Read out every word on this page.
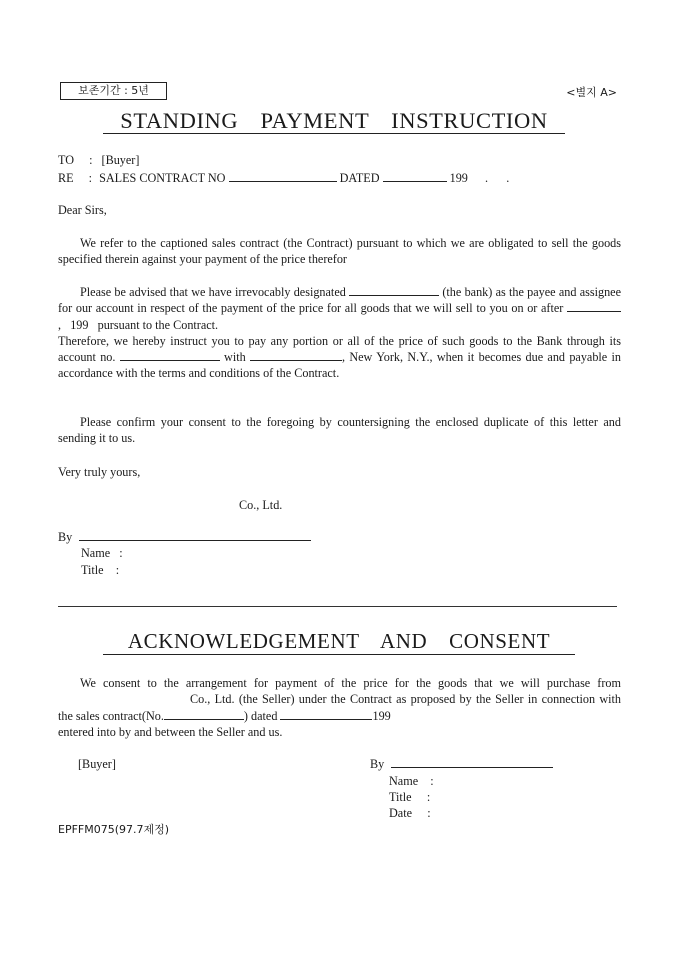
보존기간 : 5년	<별지 A>
STANDING PAYMENT INSTRUCTION
TO : [Buyer]
RE : SALES CONTRACT NO	DATED	199 .      .
Dear Sirs,

We refer to the captioned sales contract (the Contract) pursuant to which we are obligated to sell the goods specified therein against your payment of the price therefor

Please be advised that we have irrevocably designated	(the bank) as the payee and assignee for our account in respect of the payment of the price for all goods that we will sell to you on or after ,   199   pursuant to the Contract.

Therefore, we hereby instruct you to pay any portion or all of the price of such goods to the Bank through its account no.	with	, New York, N.Y., when it becomes due and payable in accordance with the terms and conditions of the Contract.

Please confirm your consent to the foregoing by countersigning the enclosed duplicate of this letter and sending it to us.

Very truly yours,
Co., Ltd.
By
Name   :
Title    :
ACKNOWLEDGEMENT AND CONSENT

We consent to the arrangement for payment of the price for the goods that we will purchase fromCo., Ltd. (the Seller) under the Contract as proposed by the Seller in connection with the sales contract(No.	) dated	199

entered into by and between the Seller and us.

[Buyer]	By
Name    :
Title     :
Date     :
EPFFM075(97.7제정)
